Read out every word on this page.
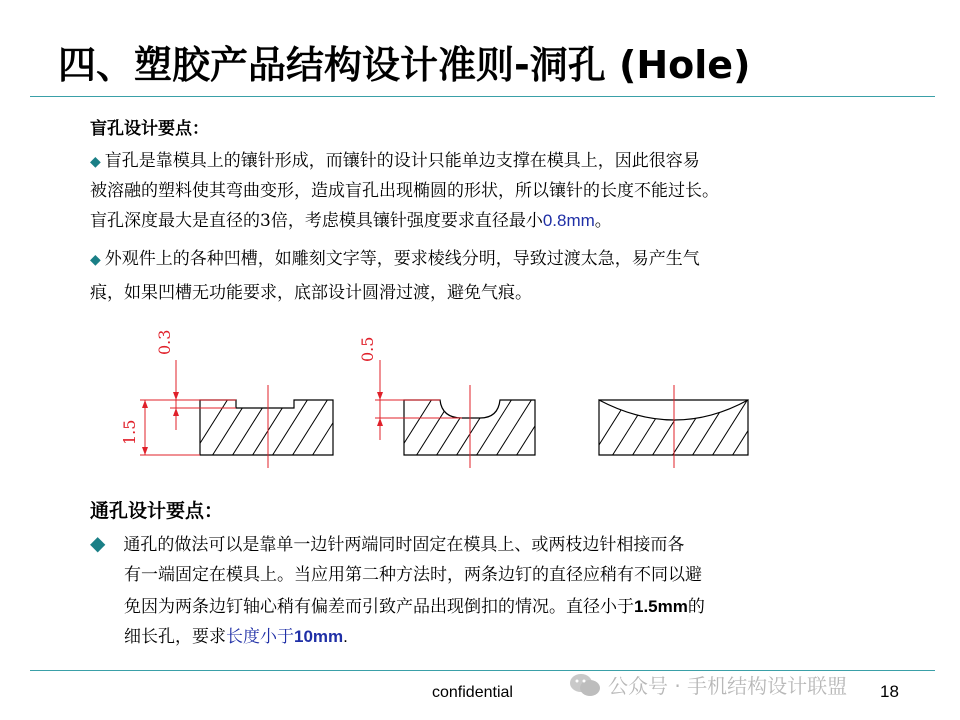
四、塑胶产品结构设计准则-洞孔 (Hole)
盲孔设计要点：
◆ 盲孔是靠模具上的镶针形成，而镶针的设计只能单边支撑在模具上，因此很容易
被溶融的塑料使其弯曲变形，造成盲孔出现椭圆的形状，所以镶针的长度不能过长。
盲孔深度最大是直径的3倍，考虑模具镶针强度要求直径最小0.8mm。
◆ 外观件上的各种凹槽，如雕刻文字等，要求棱线分明，导致过渡太急，易产生气
痕，如果凹槽无功能要求，底部设计圆滑过渡，避免气痕。
0.3
1.5
0.5
通孔设计要点：
◆ 通孔的做法可以是靠单一边针两端同时固定在模具上、或两枝边针相接而各
有一端固定在模具上。当应用第二种方法时，两条边钉的直径应稍有不同以避
免因为两条边钉轴心稍有偏差而引致产品出现倒扣的情况。直径小于1.5mm的
细长孔，要求长度小于10mm.
confidential	公众号 · 手机结构设计联盟 18
